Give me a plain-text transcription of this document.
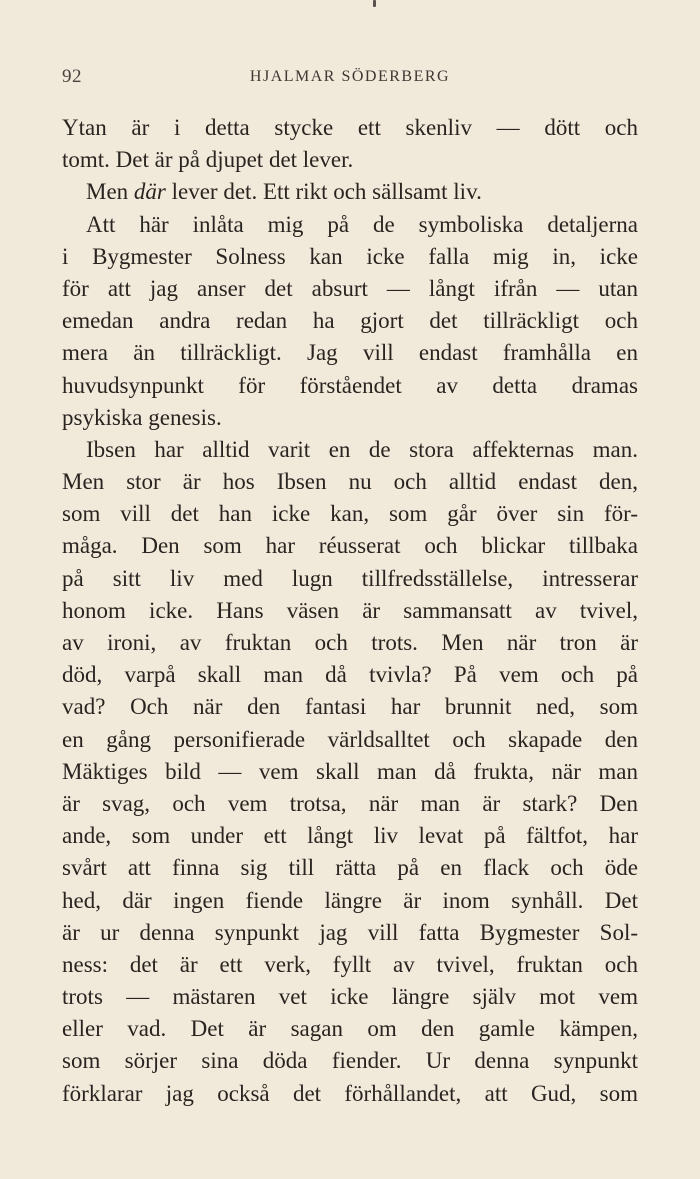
92	HJALMAR SÖDERBERG
Ytan är i detta stycke ett skenliv — dött och
tomt. Det är på djupet det lever.
Men där lever det. Ett rikt och sällsamt liv.
Att här inlåta mig på de symboliska detaljerna
i Bygmester Solness kan icke falla mig in, icke
för att jag anser det absurt — långt ifrån — utan
emedan andra redan ha gjort det tillräckligt och
mera än tillräckligt. Jag vill endast framhålla en
huvudsynpunkt för förståendet av detta dramas
psykiska genesis.
Ibsen har alltid varit en de stora affekternas man.
Men stor är hos Ibsen nu och alltid endast den,
som vill det han icke kan, som går över sin för-
måga. Den som har réusserat och blickar tillbaka
på sitt liv med lugn tillfredsställelse, intresserar
honom icke. Hans väsen är sammansatt av tvivel,
av ironi, av fruktan och trots. Men när tron är
död, varpå skall man då tvivla? På vem och på
vad? Och när den fantasi har brunnit ned, som
en gång personifierade världsalltet och skapade den
Mäktiges bild — vem skall man då frukta, när man
är svag, och vem trotsa, när man är stark? Den
ande, som under ett långt liv levat på fältfot, har
svårt att finna sig till rätta på en flack och öde
hed, där ingen fiende längre är inom synhåll. Det
är ur denna synpunkt jag vill fatta Bygmester Sol-
ness: det är ett verk, fyllt av tvivel, fruktan och
trots — mästaren vet icke längre själv mot vem
eller vad. Det är sagan om den gamle kämpen,
som sörjer sina döda fiender. Ur denna synpunkt
förklarar jag också det förhållandet, att Gud, som
